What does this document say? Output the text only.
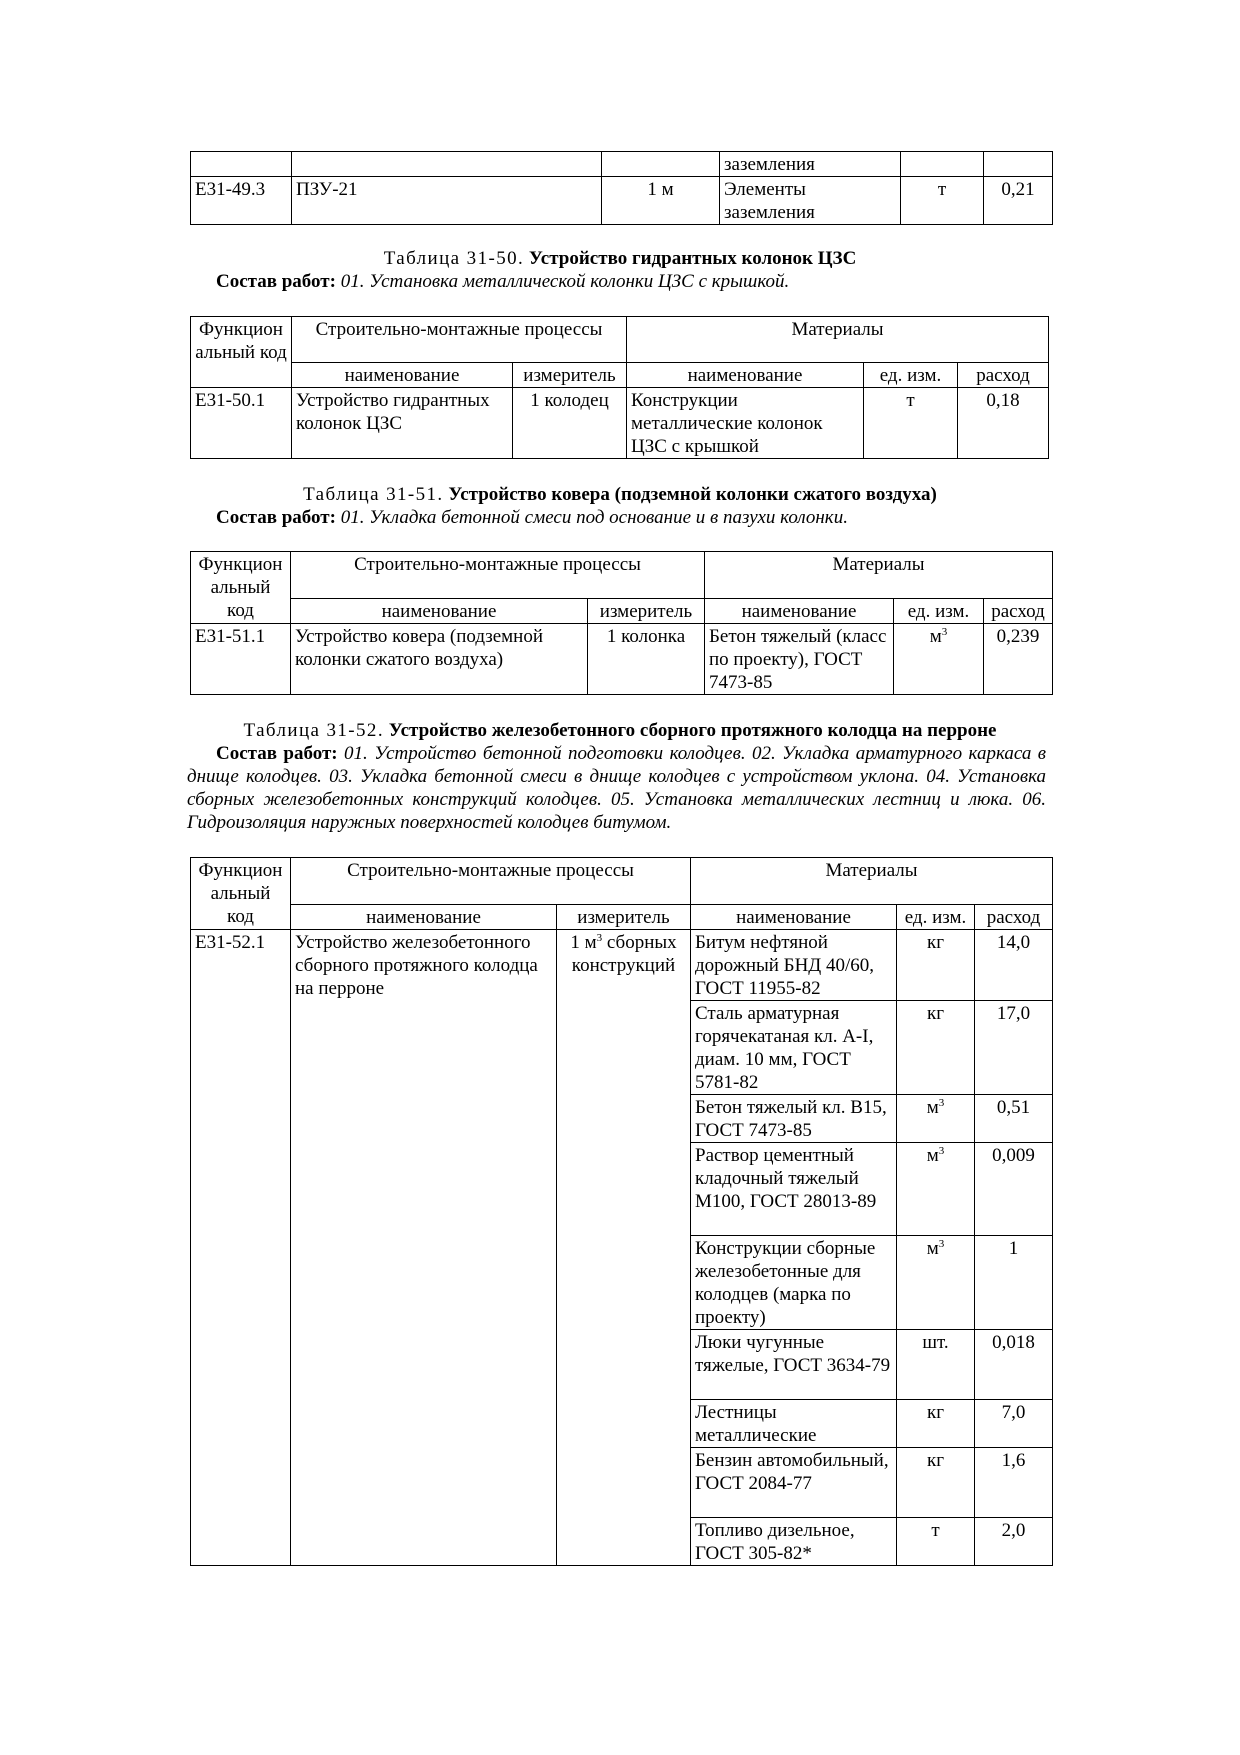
			заземления		
Е31-49.3	ПЗУ-21	1 м	Элементы заземления	т	0,21
Таблица 31-50. Устройство гидрантных колонок ЦЗС
Состав работ: 01. Установка металлической колонки ЦЗС с крышкой.
Функцион альный код	Строительно-монтажные процессы		Материалы		
	наименование	измеритель	наименование	ед. изм.	расход
Е31-50.1	Устройство гидрантных колонок ЦЗС	1 колодец	Конструкции металлические колонок ЦЗС с крышкой	т	0,18
Таблица 31-51. Устройство ковера (подземной колонки сжатого воздуха)
Состав работ: 01. Укладка бетонной смеси под основание и в пазухи колонки.
Функцион альный код	Строительно-монтажные процессы		Материалы		
	наименование	измеритель	наименование	ед. изм.	расход
Е31-51.1	Устройство ковера (подземной колонки сжатого воздуха)	1 колонка	Бетон тяжелый (класс по проекту), ГОСТ 7473-85	$м^3$	0,239
Таблица 31-52. Устройство железобетонного сборного протяжного колодца на перроне
Состав работ: 01. Устройство бетонной подготовки колодцев. 02. Укладка арматурного каркаса в днище колодцев. 03. Укладка бетонной смеси в днище колодцев с устройством уклона. 04. Установка сборных железобетонных конструкций колодцев. 05. Установка металлических лестниц и люка. 06. Гидроизоляция наружных поверхностей колодцев битумом.
Функцион альный код	Строительно-монтажные процессы		Материалы		
	наименование	измеритель	наименование	ед. изм.	расход
Е31-52.1	Устройство железобетонного сборного протяжного колодца на перроне	1 $м^3$ сборных конструкций	Битум нефтяной дорожный БНД 40/60, ГОСТ 11955-82	кг	14,0
			Сталь арматурная горячекатаная кл. А-I, диам. 10 мм, ГОСТ 5781-82	кг	17,0
			Бетон тяжелый кл. В15, ГОСТ 7473-85	$м^3$	0,51
			Раствор цементный кладочный тяжелый М100, ГОСТ 28013-89	$м^3$	0,009
			Конструкции сборные железобетонные для колодцев (марка по проекту)	$м^3$	1
			Люки чугунные тяжелые, ГОСТ 3634-79	шт.	0,018
			Лестницы металлические	кг	7,0
			Бензин автомобильный, ГОСТ 2084-77	кг	1,6
			Топливо дизельное, ГОСТ 305-82*	т	2,0
